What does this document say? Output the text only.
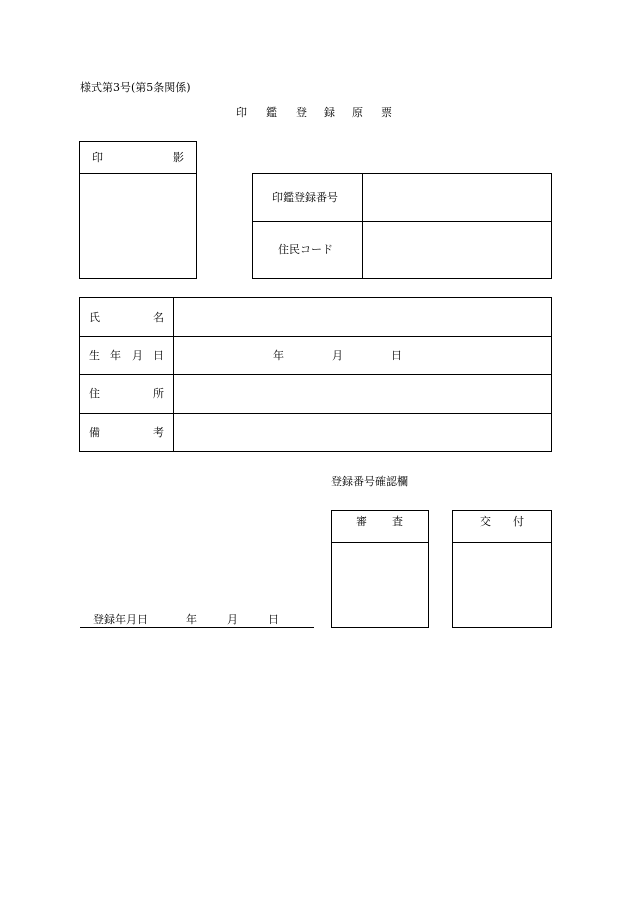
様式第3号(第5条関係)
印 鑑 登 録 原 票
印	影
印鑑登録番号
住民コード
氏	名
生 年 月 日	年	月	日
住	所
備	考
登録番号確認欄
審 査	交 付
登録年月日	年	月	日
